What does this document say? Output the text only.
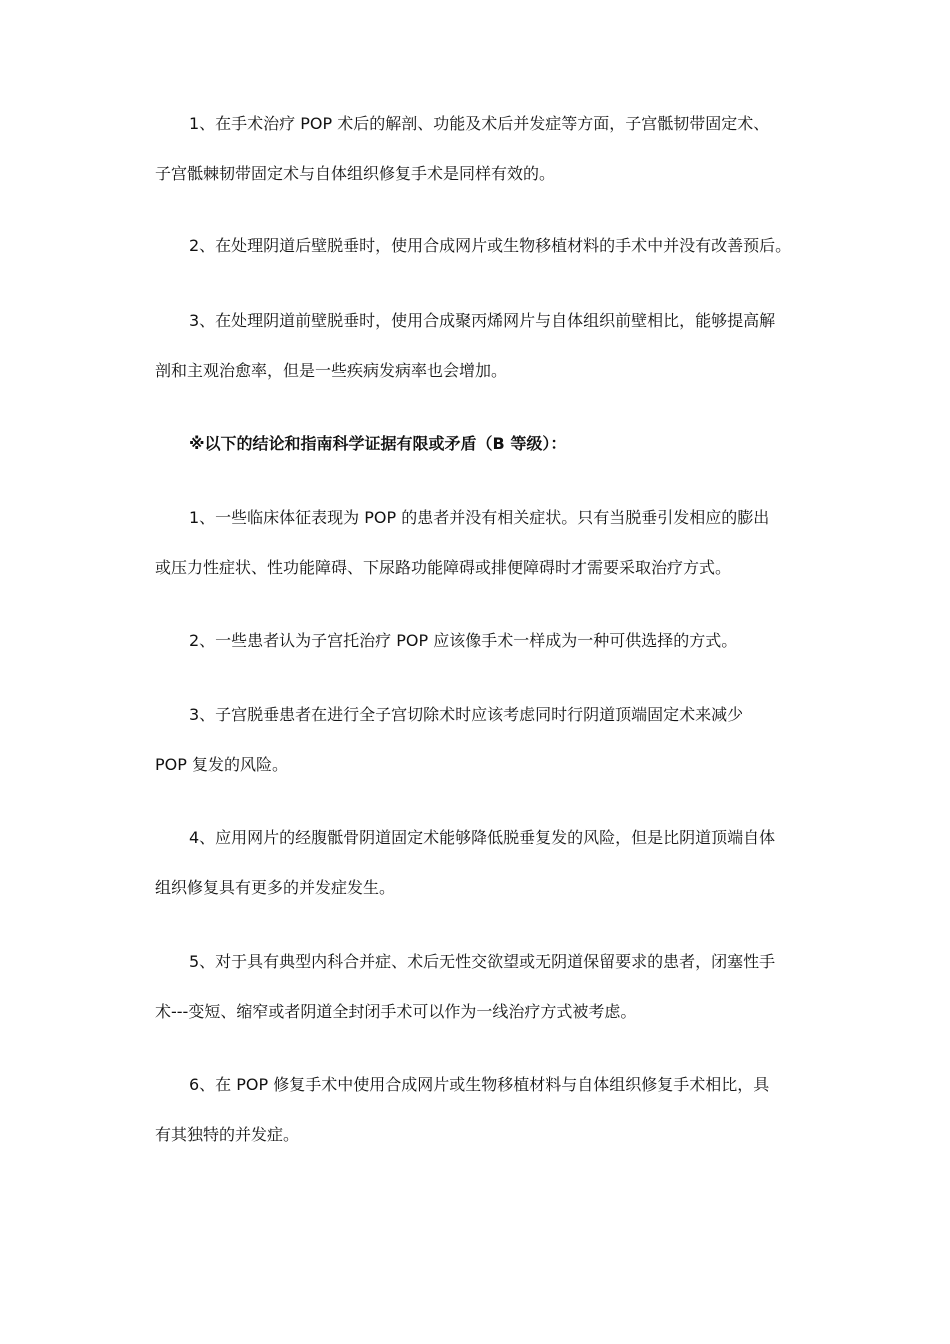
1、在手术治疗 POP 术后的解剖、功能及术后并发症等方面，子宫骶韧带固定术、
子宫骶棘韧带固定术与自体组织修复手术是同样有效的。
2、在处理阴道后壁脱垂时，使用合成网片或生物移植材料的手术中并没有改善预后。
3、在处理阴道前壁脱垂时，使用合成聚丙烯网片与自体组织前壁相比，能够提高解
剖和主观治愈率，但是一些疾病发病率也会增加。
※以下的结论和指南科学证据有限或矛盾（B 等级）：
1、一些临床体征表现为 POP 的患者并没有相关症状。只有当脱垂引发相应的膨出
或压力性症状、性功能障碍、下尿路功能障碍或排便障碍时才需要采取治疗方式。
2、一些患者认为子宫托治疗 POP 应该像手术一样成为一种可供选择的方式。
3、子宫脱垂患者在进行全子宫切除术时应该考虑同时行阴道顶端固定术来减少
POP 复发的风险。
4、应用网片的经腹骶骨阴道固定术能够降低脱垂复发的风险，但是比阴道顶端自体
组织修复具有更多的并发症发生。
5、对于具有典型内科合并症、术后无性交欲望或无阴道保留要求的患者，闭塞性手
术---变短、缩窄或者阴道全封闭手术可以作为一线治疗方式被考虑。
6、在 POP 修复手术中使用合成网片或生物移植材料与自体组织修复手术相比，具
有其独特的并发症。
